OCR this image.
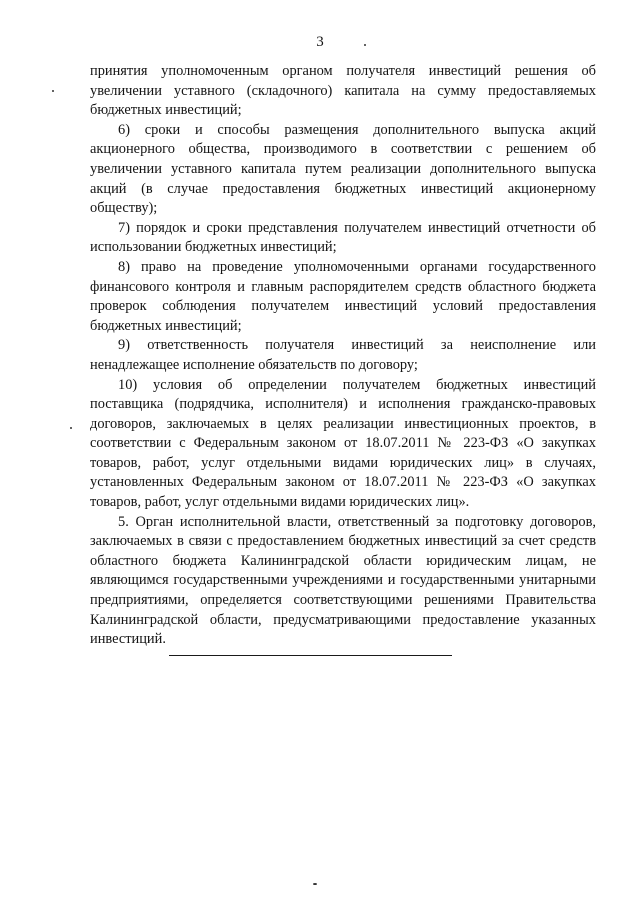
3

принятия уполномоченным органом получателя инвестиций решения об увеличении уставного (складочного) капитала на сумму предоставляемых бюджетных инвестиций;

6) сроки и способы размещения дополнительного выпуска акций акционерного общества, производимого в соответствии с решением об увеличении уставного капитала путем реализации дополнительного выпуска акций (в случае предоставления бюджетных инвестиций акционерному обществу);

7) порядок и сроки представления получателем инвестиций отчетности об использовании бюджетных инвестиций;

8) право на проведение уполномоченными органами государственного финансового контроля и главным распорядителем средств областного бюджета проверок соблюдения получателем инвестиций условий предоставления бюджетных инвестиций;

9) ответственность получателя инвестиций за неисполнение или ненадлежащее исполнение обязательств по договору;

10) условия об определении получателем бюджетных инвестиций поставщика (подрядчика, исполнителя) и исполнения гражданско-правовых договоров, заключаемых в целях реализации инвестиционных проектов, в соответствии с Федеральным законом от 18.07.2011 № 223-ФЗ «О закупках товаров, работ, услуг отдельными видами юридических лиц» в случаях, установленных Федеральным законом от 18.07.2011 № 223-ФЗ «О закупках товаров, работ, услуг отдельными видами юридических лиц».

5. Орган исполнительной власти, ответственный за подготовку договоров, заключаемых в связи с предоставлением бюджетных инвестиций за счет средств областного бюджета Калининградской области юридическим лицам, не являющимся государственными учреждениями и государственными унитарными предприятиями, определяется соответствующими решениями Правительства Калининградской области, предусматривающими предоставление указанных инвестиций.
